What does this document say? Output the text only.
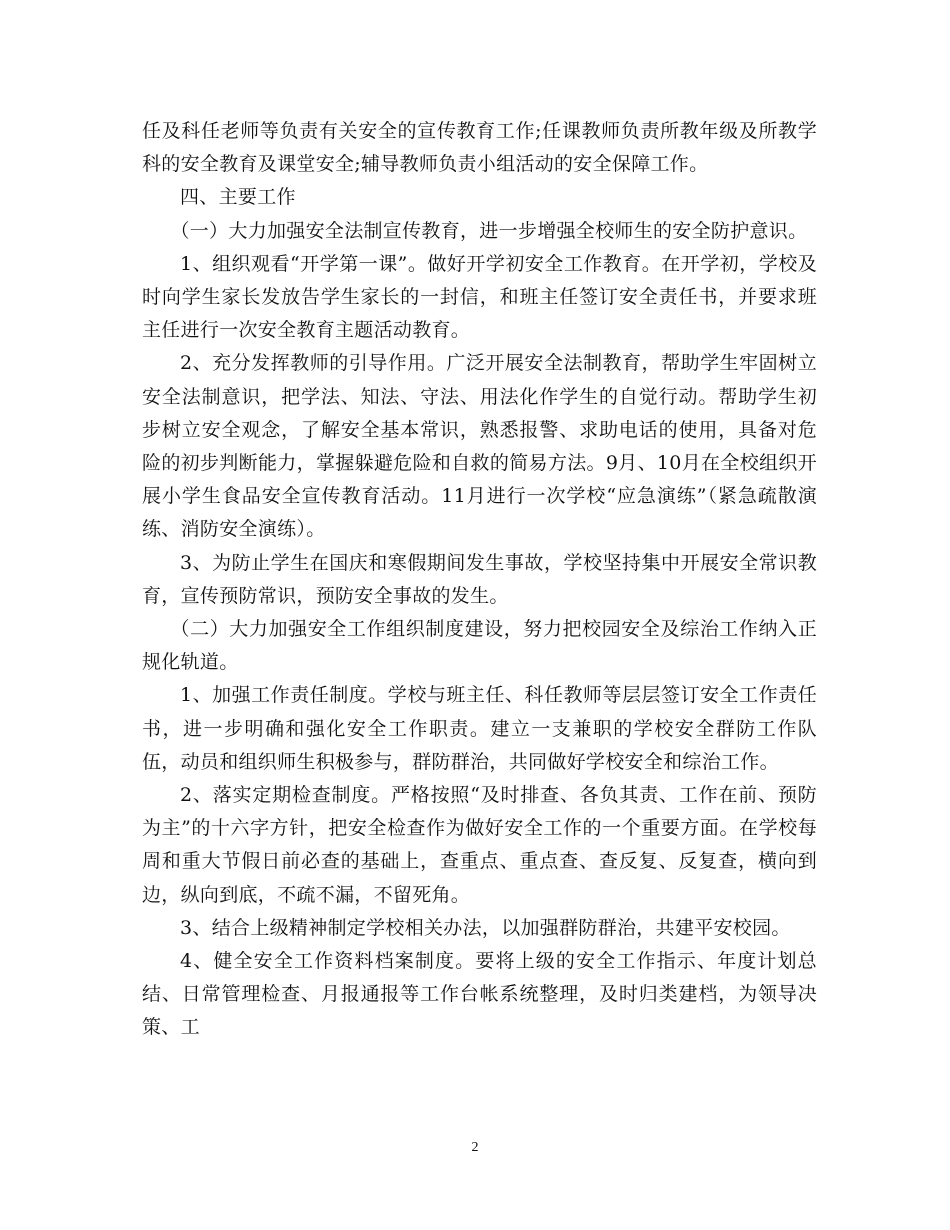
任及科任老师等负责有关安全的宣传教育工作;任课教师负责所教年级及所教学科的安全教育及课堂安全;辅导教师负责小组活动的安全保障工作。

四、主要工作

（一）大力加强安全法制宣传教育，进一步增强全校师生的安全防护意识。

1、组织观看“开学第一课”。做好开学初安全工作教育。在开学初，学校及时向学生家长发放告学生家长的一封信，和班主任签订安全责任书，并要求班主任进行一次安全教育主题活动教育。

2、充分发挥教师的引导作用。广泛开展安全法制教育，帮助学生牢固树立安全法制意识，把学法、知法、守法、用法化作学生的自觉行动。帮助学生初步树立安全观念，了解安全基本常识，熟悉报警、求助电话的使用，具备对危险的初步判断能力，掌握躲避危险和自救的简易方法。9月、10月在全校组织开展小学生食品安全宣传教育活动。11月进行一次学校“应急演练”（紧急疏散演练、消防安全演练）。

3、为防止学生在国庆和寒假期间发生事故，学校坚持集中开展安全常识教育，宣传预防常识，预防安全事故的发生。

（二）大力加强安全工作组织制度建设，努力把校园安全及综治工作纳入正规化轨道。

1、加强工作责任制度。学校与班主任、科任教师等层层签订安全工作责任书，进一步明确和强化安全工作职责。建立一支兼职的学校安全群防工作队伍，动员和组织师生积极参与，群防群治，共同做好学校安全和综治工作。

2、落实定期检查制度。严格按照“及时排查、各负其责、工作在前、预防为主”的十六字方针，把安全检查作为做好安全工作的一个重要方面。在学校每周和重大节假日前必查的基础上，查重点、重点查、查反复、反复查，横向到边，纵向到底，不疏不漏，不留死角。

3、结合上级精神制定学校相关办法，以加强群防群治，共建平安校园。

4、健全安全工作资料档案制度。要将上级的安全工作指示、年度计划总结、日常管理检查、月报通报等工作台帐系统整理，及时归类建档，为领导决策、工

2
